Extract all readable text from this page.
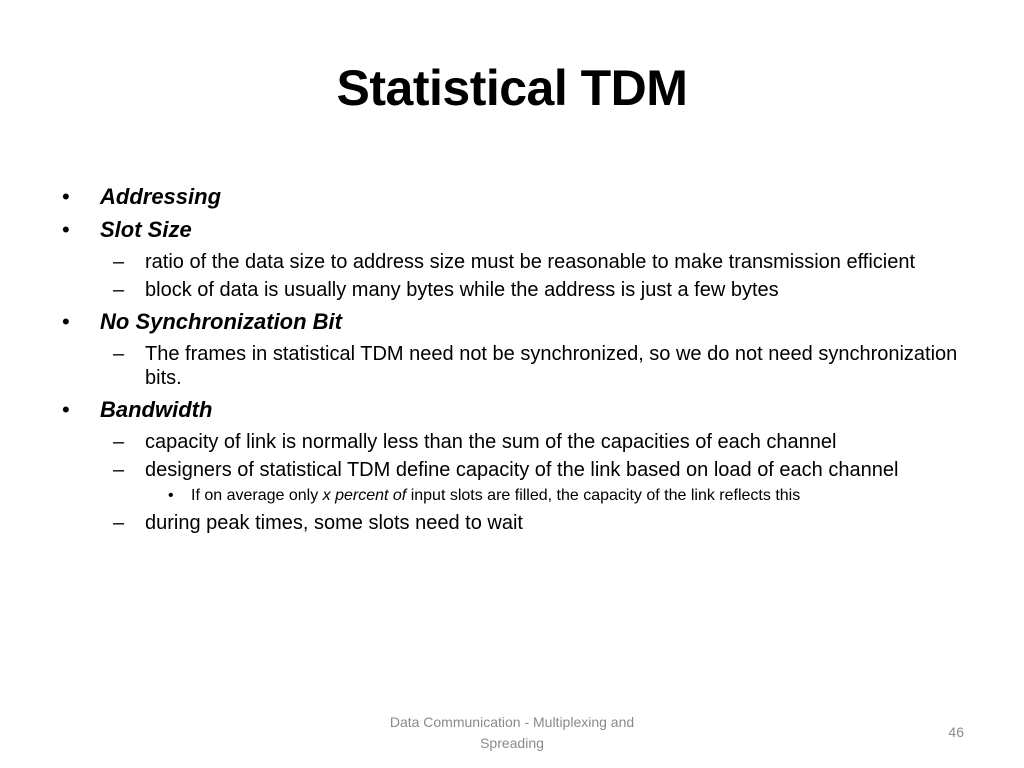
Statistical TDM
• Addressing
• Slot Size
– ratio of the data size to address size must be reasonable to make transmission efficient
– block of data is usually many bytes while the address is just a few bytes
• No Synchronization Bit
– The frames in statistical TDM need not be synchronized, so we do not need synchronization bits.
• Bandwidth
– capacity of link is normally less than the sum of the capacities of each channel
– designers of statistical TDM define capacity of the link based on load of each channel
• If on average only x percent of input slots are filled, the capacity of the link reflects this
– during peak times, some slots need to wait
Data Communication - Multiplexing and Spreading
46
